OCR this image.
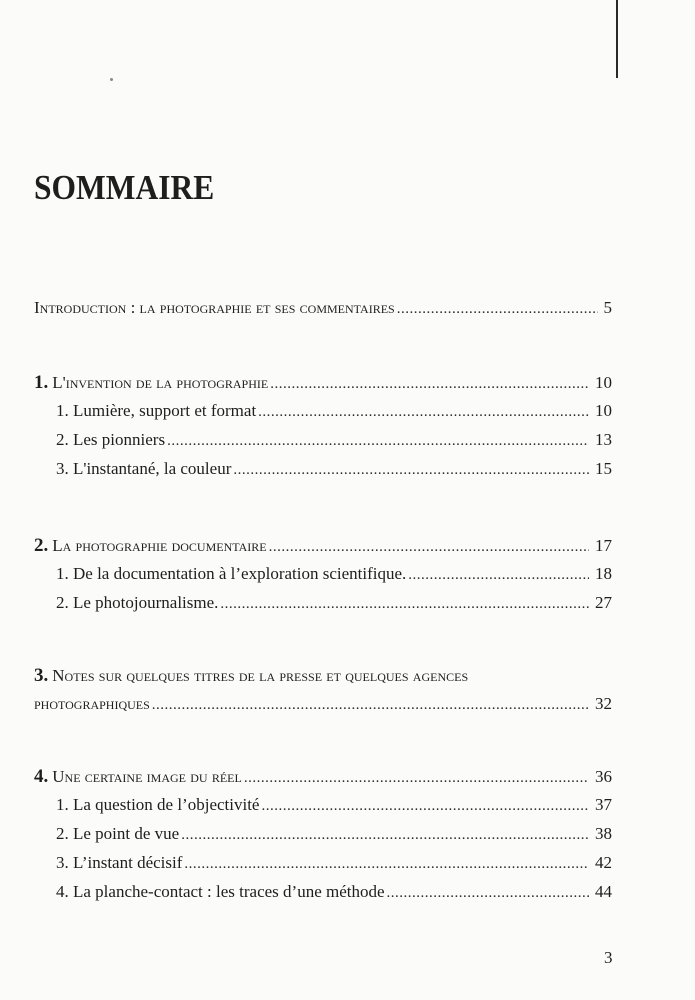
SOMMAIRE
Introduction : la photographie et ses commentaires .....	5
1. L'invention de la photographie .....	10
1. Lumière, support et format .....	10
2. Les pionniers .....	13
3. L'instantané, la couleur .....	15
2. La photographie documentaire .....	17
1. De la documentation à l’exploration scientifique. .....	18
2. Le photojournalisme. .....	27
3. Notes sur quelques titres de la presse et quelques agences
photographiques .....	32
4. Une certaine image du réel .....	36
1. La question de l’objectivité .....	37
2. Le point de vue .....	38
3. L’instant décisif .....	42
4. La planche-contact : les traces d’une méthode .....	44
3
